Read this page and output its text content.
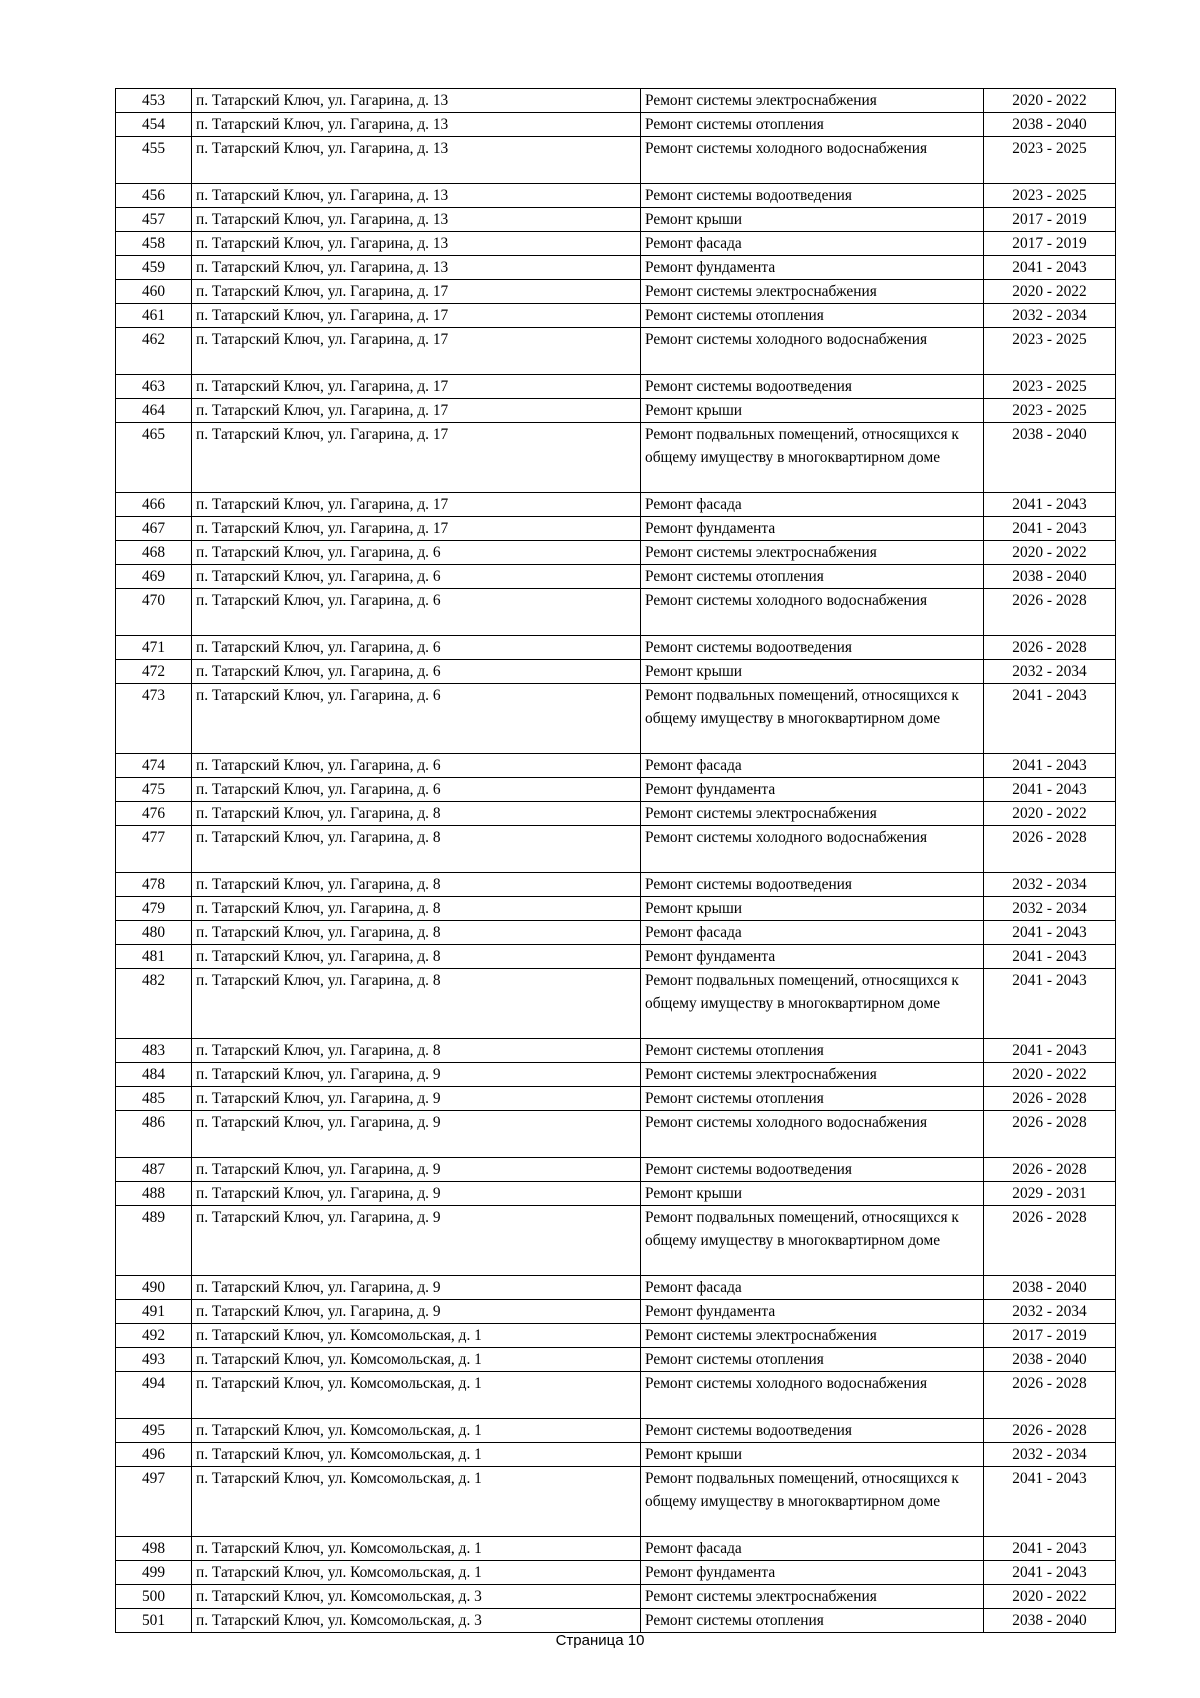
453	п. Татарский Ключ, ул. Гагарина, д. 13	Ремонт системы электроснабжения	2020 - 2022
454	п. Татарский Ключ, ул. Гагарина, д. 13	Ремонт системы отопления	2038 - 2040
455	п. Татарский Ключ, ул. Гагарина, д. 13	Ремонт системы холодного водоснабжения	2023 - 2025
456	п. Татарский Ключ, ул. Гагарина, д. 13	Ремонт системы водоотведения	2023 - 2025
457	п. Татарский Ключ, ул. Гагарина, д. 13	Ремонт крыши	2017 - 2019
458	п. Татарский Ключ, ул. Гагарина, д. 13	Ремонт фасада	2017 - 2019
459	п. Татарский Ключ, ул. Гагарина, д. 13	Ремонт фундамента	2041 - 2043
460	п. Татарский Ключ, ул. Гагарина, д. 17	Ремонт системы электроснабжения	2020 - 2022
461	п. Татарский Ключ, ул. Гагарина, д. 17	Ремонт системы отопления	2032 - 2034
462	п. Татарский Ключ, ул. Гагарина, д. 17	Ремонт системы холодного водоснабжения	2023 - 2025
463	п. Татарский Ключ, ул. Гагарина, д. 17	Ремонт системы водоотведения	2023 - 2025
464	п. Татарский Ключ, ул. Гагарина, д. 17	Ремонт крыши	2023 - 2025
465	п. Татарский Ключ, ул. Гагарина, д. 17	Ремонт подвальных помещений, относящихся к общему имуществу в многоквартирном доме	2038 - 2040
466	п. Татарский Ключ, ул. Гагарина, д. 17	Ремонт фасада	2041 - 2043
467	п. Татарский Ключ, ул. Гагарина, д. 17	Ремонт фундамента	2041 - 2043
468	п. Татарский Ключ, ул. Гагарина, д. 6	Ремонт системы электроснабжения	2020 - 2022
469	п. Татарский Ключ, ул. Гагарина, д. 6	Ремонт системы отопления	2038 - 2040
470	п. Татарский Ключ, ул. Гагарина, д. 6	Ремонт системы холодного водоснабжения	2026 - 2028
471	п. Татарский Ключ, ул. Гагарина, д. 6	Ремонт системы водоотведения	2026 - 2028
472	п. Татарский Ключ, ул. Гагарина, д. 6	Ремонт крыши	2032 - 2034
473	п. Татарский Ключ, ул. Гагарина, д. 6	Ремонт подвальных помещений, относящихся к общему имуществу в многоквартирном доме	2041 - 2043
474	п. Татарский Ключ, ул. Гагарина, д. 6	Ремонт фасада	2041 - 2043
475	п. Татарский Ключ, ул. Гагарина, д. 6	Ремонт фундамента	2041 - 2043
476	п. Татарский Ключ, ул. Гагарина, д. 8	Ремонт системы электроснабжения	2020 - 2022
477	п. Татарский Ключ, ул. Гагарина, д. 8	Ремонт системы холодного водоснабжения	2026 - 2028
478	п. Татарский Ключ, ул. Гагарина, д. 8	Ремонт системы водоотведения	2032 - 2034
479	п. Татарский Ключ, ул. Гагарина, д. 8	Ремонт крыши	2032 - 2034
480	п. Татарский Ключ, ул. Гагарина, д. 8	Ремонт фасада	2041 - 2043
481	п. Татарский Ключ, ул. Гагарина, д. 8	Ремонт фундамента	2041 - 2043
482	п. Татарский Ключ, ул. Гагарина, д. 8	Ремонт подвальных помещений, относящихся к общему имуществу в многоквартирном доме	2041 - 2043
483	п. Татарский Ключ, ул. Гагарина, д. 8	Ремонт системы отопления	2041 - 2043
484	п. Татарский Ключ, ул. Гагарина, д. 9	Ремонт системы электроснабжения	2020 - 2022
485	п. Татарский Ключ, ул. Гагарина, д. 9	Ремонт системы отопления	2026 - 2028
486	п. Татарский Ключ, ул. Гагарина, д. 9	Ремонт системы холодного водоснабжения	2026 - 2028
487	п. Татарский Ключ, ул. Гагарина, д. 9	Ремонт системы водоотведения	2026 - 2028
488	п. Татарский Ключ, ул. Гагарина, д. 9	Ремонт крыши	2029 - 2031
489	п. Татарский Ключ, ул. Гагарина, д. 9	Ремонт подвальных помещений, относящихся к общему имуществу в многоквартирном доме	2026 - 2028
490	п. Татарский Ключ, ул. Гагарина, д. 9	Ремонт фасада	2038 - 2040
491	п. Татарский Ключ, ул. Гагарина, д. 9	Ремонт фундамента	2032 - 2034
492	п. Татарский Ключ, ул. Комсомольская, д. 1	Ремонт системы электроснабжения	2017 - 2019
493	п. Татарский Ключ, ул. Комсомольская, д. 1	Ремонт системы отопления	2038 - 2040
494	п. Татарский Ключ, ул. Комсомольская, д. 1	Ремонт системы холодного водоснабжения	2026 - 2028
495	п. Татарский Ключ, ул. Комсомольская, д. 1	Ремонт системы водоотведения	2026 - 2028
496	п. Татарский Ключ, ул. Комсомольская, д. 1	Ремонт крыши	2032 - 2034
497	п. Татарский Ключ, ул. Комсомольская, д. 1	Ремонт подвальных помещений, относящихся к общему имуществу в многоквартирном доме	2041 - 2043
498	п. Татарский Ключ, ул. Комсомольская, д. 1	Ремонт фасада	2041 - 2043
499	п. Татарский Ключ, ул. Комсомольская, д. 1	Ремонт фундамента	2041 - 2043
500	п. Татарский Ключ, ул. Комсомольская, д. 3	Ремонт системы электроснабжения	2020 - 2022
501	п. Татарский Ключ, ул. Комсомольская, д. 3	Ремонт системы отопления	2038 - 2040
Страница 10
